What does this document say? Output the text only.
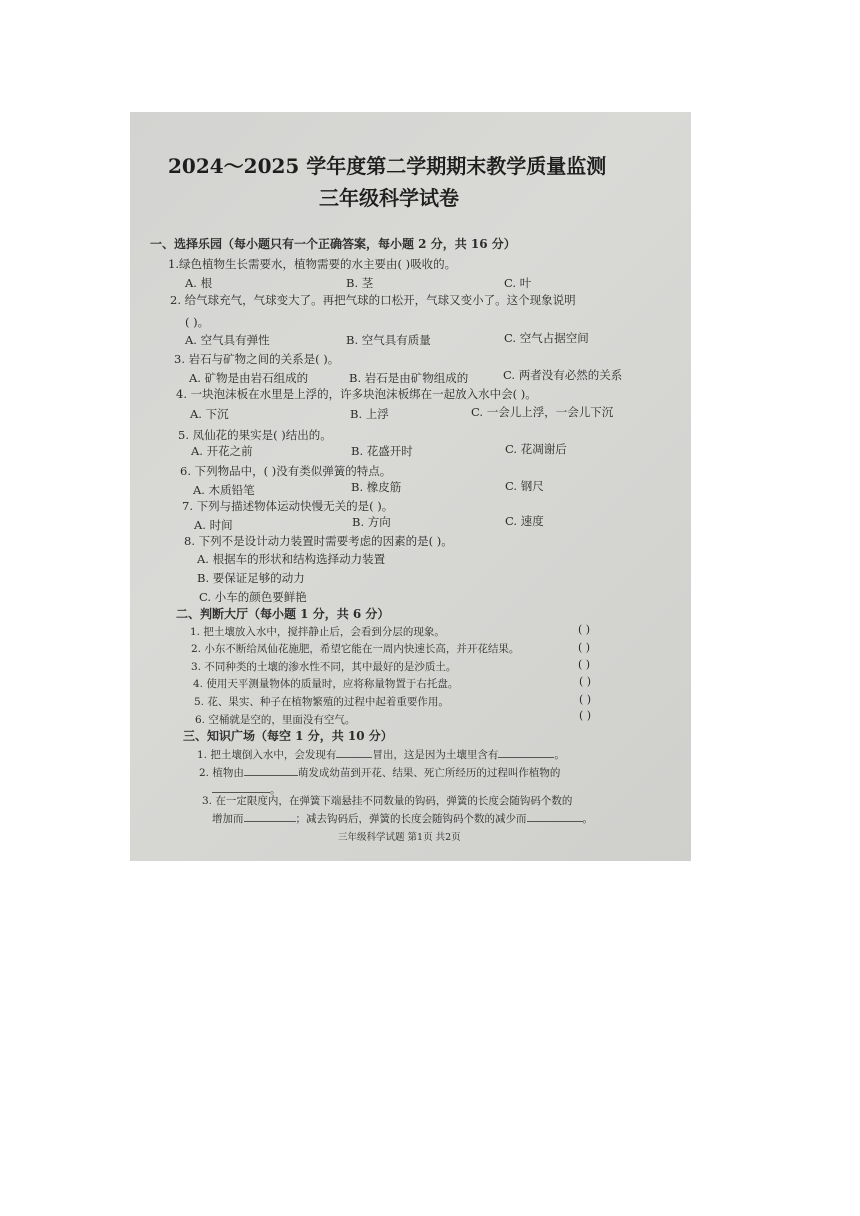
2024～2025 学年度第二学期期末教学质量监测
三年级科学试卷
一、选择乐园（每小题只有一个正确答案，每小题 2 分，共 16 分）
1.绿色植物生长需要水，植物需要的水主要由( )吸收的。
A. 根	B. 茎	C. 叶
2. 给气球充气，气球变大了。再把气球的口松开，气球又变小了。这个现象说明
( )。
A. 空气具有弹性	B. 空气具有质量	C. 空气占据空间
3. 岩石与矿物之间的关系是( )。
A. 矿物是由岩石组成的	B. 岩石是由矿物组成的	C. 两者没有必然的关系
4. 一块泡沫板在水里是上浮的，许多块泡沫板绑在一起放入水中会( )。
A. 下沉	B. 上浮	C. 一会儿上浮，一会儿下沉
5. 凤仙花的果实是( )结出的。
A. 开花之前	B. 花盛开时	C. 花凋谢后
6. 下列物品中，( )没有类似弹簧的特点。
A. 木质铅笔	B. 橡皮筋	C. 钢尺
7. 下列与描述物体运动快慢无关的是( )。
A. 时间	B. 方向	C. 速度
8. 下列不是设计动力装置时需要考虑的因素的是( )。
A. 根据车的形状和结构选择动力装置
B. 要保证足够的动力
C. 小车的颜色要鲜艳
二、判断大厅（每小题 1 分，共 6 分）
1. 把土壤放入水中，搅拌静止后，会看到分层的现象。	( )
2. 小东不断给凤仙花施肥，希望它能在一周内快速长高，并开花结果。	( )
3. 不同种类的土壤的渗水性不同，其中最好的是沙质土。	( )
4. 使用天平测量物体的质量时，应将称量物置于右托盘。	( )
5. 花、果实、种子在植物繁殖的过程中起着重要作用。	( )
6. 空桶就是空的，里面没有空气。	( )
三、知识广场（每空 1 分，共 10 分）
1. 把土壤倒入水中，会发现有	冒出，这是因为土壤里含有	。
2. 植物由	萌发成幼苗到开花、结果、死亡所经历的过程叫作植物的
。
3. 在一定限度内，在弹簧下端悬挂不同数量的钩码，弹簧的长度会随钩码个数的
增加而	；减去钩码后，弹簧的长度会随钩码个数的减少而	。
三年级科学试题 第1页 共2页
